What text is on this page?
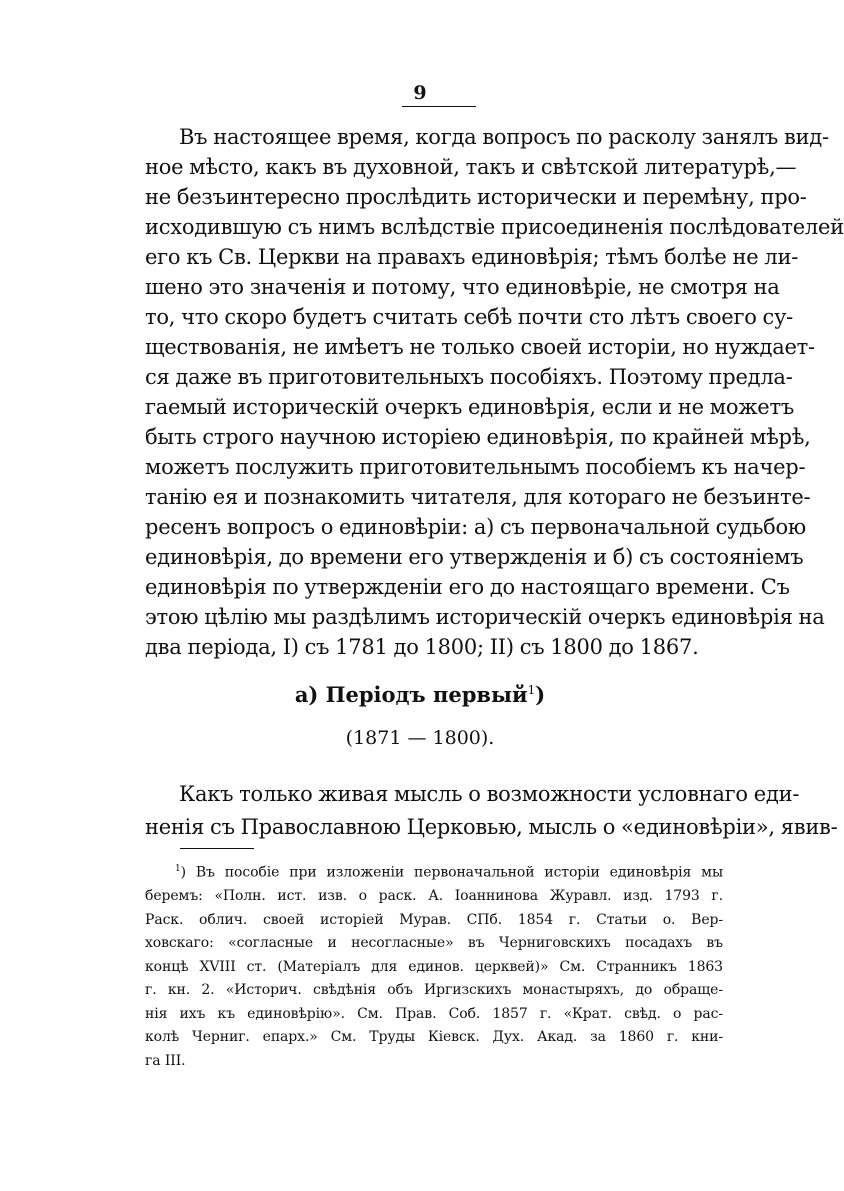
9
Въ настоящее время, когда вопросъ по расколу занялъ вид-
ное мѣсто, какъ въ духовной, такъ и свѣтской литературѣ,—
не безъинтересно прослѣдить исторически и перемѣну, про-
исходившую съ нимъ вслѣдствіе присоединенія послѣдователей
его къ Св. Церкви на правахъ единовѣрія; тѣмъ болѣе не ли-
шено это значенія и потому, что единовѣріе, не смотря на
то, что скоро будетъ считать себѣ почти сто лѣтъ своего су-
ществованія, не имѣетъ не только своей исторіи, но нуждает-
ся даже въ приготовительныхъ пособіяхъ. Поэтому предла-
гаемый историческій очеркъ единовѣрія, если и не можетъ
быть строго научною исторіею единовѣрія, по крайней мѣрѣ,
можетъ послужить приготовительнымъ пособіемъ къ начер-
танію ея и познакомить читателя, для котораго не безъинте-
ресенъ вопросъ о единовѣріи: а) съ первоначальной судьбою
единовѣрія, до времени его утвержденія и б) съ состояніемъ
единовѣрія по утвержденіи его до настоящаго времени. Съ
этою цѣлію мы раздѣлимъ историческій очеркъ единовѣрія на
два періода, I) съ 1781 до 1800; II) съ 1800 до 1867.
а) Періодъ первый$^1$)
(1871 — 1800).
Какъ только живая мысль о возможности условнаго еди-
ненія съ Православною Церковью, мысль о «единовѣріи», явив-
$^1$) Въ пособіе при изложеніи первоначальной исторіи единовѣрія мы
беремъ: «Полн. ист. изв. о раск. А. Іоаннинова Журавл. изд. 1793 г.
Раск. облич. своей исторіей Мурав. СПб. 1854 г. Статьи о. Вер-
ховскаго: «согласные и несогласные» въ Черниговскихъ посадахъ въ
концѣ XVIII ст. (Матеріалъ для единов. церквей)» См. Странникъ 1863
г. кн. 2. «Историч. свѣдѣнія объ Иргизскихъ монастыряхъ, до обраще-
нія ихъ къ единовѣрію». См. Прав. Соб. 1857 г. «Крат. свѣд. о рас-
колѣ Черниг. епарх.» См. Труды Кіевск. Дух. Акад. за 1860 г. кни-
га III.
